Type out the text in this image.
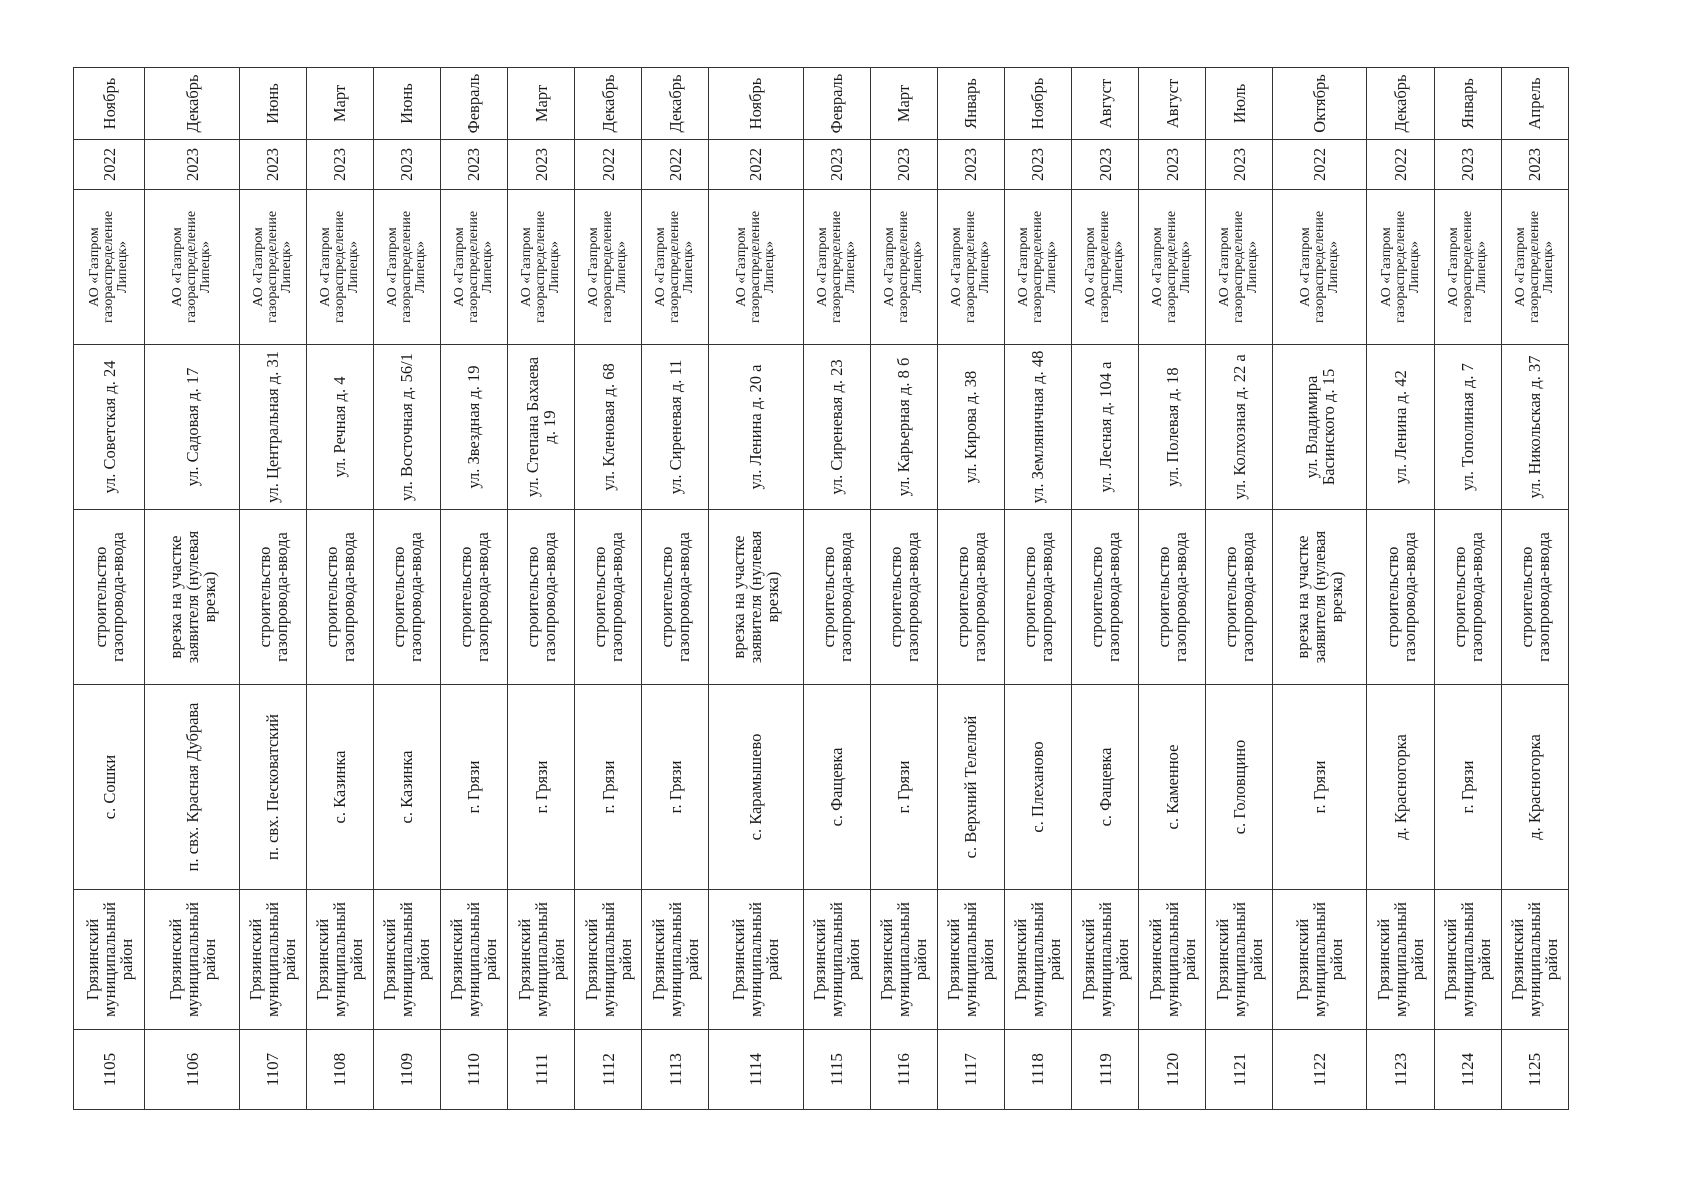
1105	Грязинский муниципальный район	с. Сошки	строительство газопровода-ввода	ул. Советская д. 24	АО «Газпром газораспределение Липецк»	2022	Ноябрь
1106	Грязинский муниципальный район	п. свх. Красная Дубрава	врезка на участке заявителя (нулевая врезка)	ул. Садовая д. 17	АО «Газпром газораспределение Липецк»	2023	Декабрь
1107	Грязинский муниципальный район	п. свх. Песковатский	строительство газопровода-ввода	ул. Центральная д. 31	АО «Газпром газораспределение Липецк»	2023	Июнь
1108	Грязинский муниципальный район	с. Казинка	строительство газопровода-ввода	ул. Речная д. 4	АО «Газпром газораспределение Липецк»	2023	Март
1109	Грязинский муниципальный район	с. Казинка	строительство газопровода-ввода	ул. Восточная д. 56/1	АО «Газпром газораспределение Липецк»	2023	Июнь
1110	Грязинский муниципальный район	г. Грязи	строительство газопровода-ввода	ул. Звездная д. 19	АО «Газпром газораспределение Липецк»	2023	Февраль
1111	Грязинский муниципальный район	г. Грязи	строительство газопровода-ввода	ул. Степана Бахаева д. 19	АО «Газпром газораспределение Липецк»	2023	Март
1112	Грязинский муниципальный район	г. Грязи	строительство газопровода-ввода	ул. Кленовая д. 68	АО «Газпром газораспределение Липецк»	2022	Декабрь
1113	Грязинский муниципальный район	г. Грязи	строительство газопровода-ввода	ул. Сиреневая д. 11	АО «Газпром газораспределение Липецк»	2022	Декабрь
1114	Грязинский муниципальный район	с. Карамышево	врезка на участке заявителя (нулевая врезка)	ул. Ленина д. 20 а	АО «Газпром газораспределение Липецк»	2022	Ноябрь
1115	Грязинский муниципальный район	с. Фащевка	строительство газопровода-ввода	ул. Сиреневая д. 23	АО «Газпром газораспределение Липецк»	2023	Февраль
1116	Грязинский муниципальный район	г. Грязи	строительство газопровода-ввода	ул. Карьерная д. 8 б	АО «Газпром газораспределение Липецк»	2023	Март
1117	Грязинский муниципальный район	с. Верхний Телелюй	строительство газопровода-ввода	ул. Кирова д. 38	АО «Газпром газораспределение Липецк»	2023	Январь
1118	Грязинский муниципальный район	с. Плеханово	строительство газопровода-ввода	ул. Земляничная д. 48	АО «Газпром газораспределение Липецк»	2023	Ноябрь
1119	Грязинский муниципальный район	с. Фащевка	строительство газопровода-ввода	ул. Лесная д. 104 а	АО «Газпром газораспределение Липецк»	2023	Август
1120	Грязинский муниципальный район	с. Каменное	строительство газопровода-ввода	ул. Полевая д. 18	АО «Газпром газораспределение Липецк»	2023	Август
1121	Грязинский муниципальный район	с. Головщино	строительство газопровода-ввода	ул. Колхозная д. 22 а	АО «Газпром газораспределение Липецк»	2023	Июль
1122	Грязинский муниципальный район	г. Грязи	врезка на участке заявителя (нулевая врезка)	ул. Владимира Басинского д. 15	АО «Газпром газораспределение Липецк»	2022	Октябрь
1123	Грязинский муниципальный район	д. Красногорка	строительство газопровода-ввода	ул. Ленина д. 42	АО «Газпром газораспределение Липецк»	2022	Декабрь
1124	Грязинский муниципальный район	г. Грязи	строительство газопровода-ввода	ул. Тополиная д. 7	АО «Газпром газораспределение Липецк»	2023	Январь
1125	Грязинский муниципальный район	д. Красногорка	строительство газопровода-ввода	ул. Никольская д. 37	АО «Газпром газораспределение Липецк»	2023	Апрель
